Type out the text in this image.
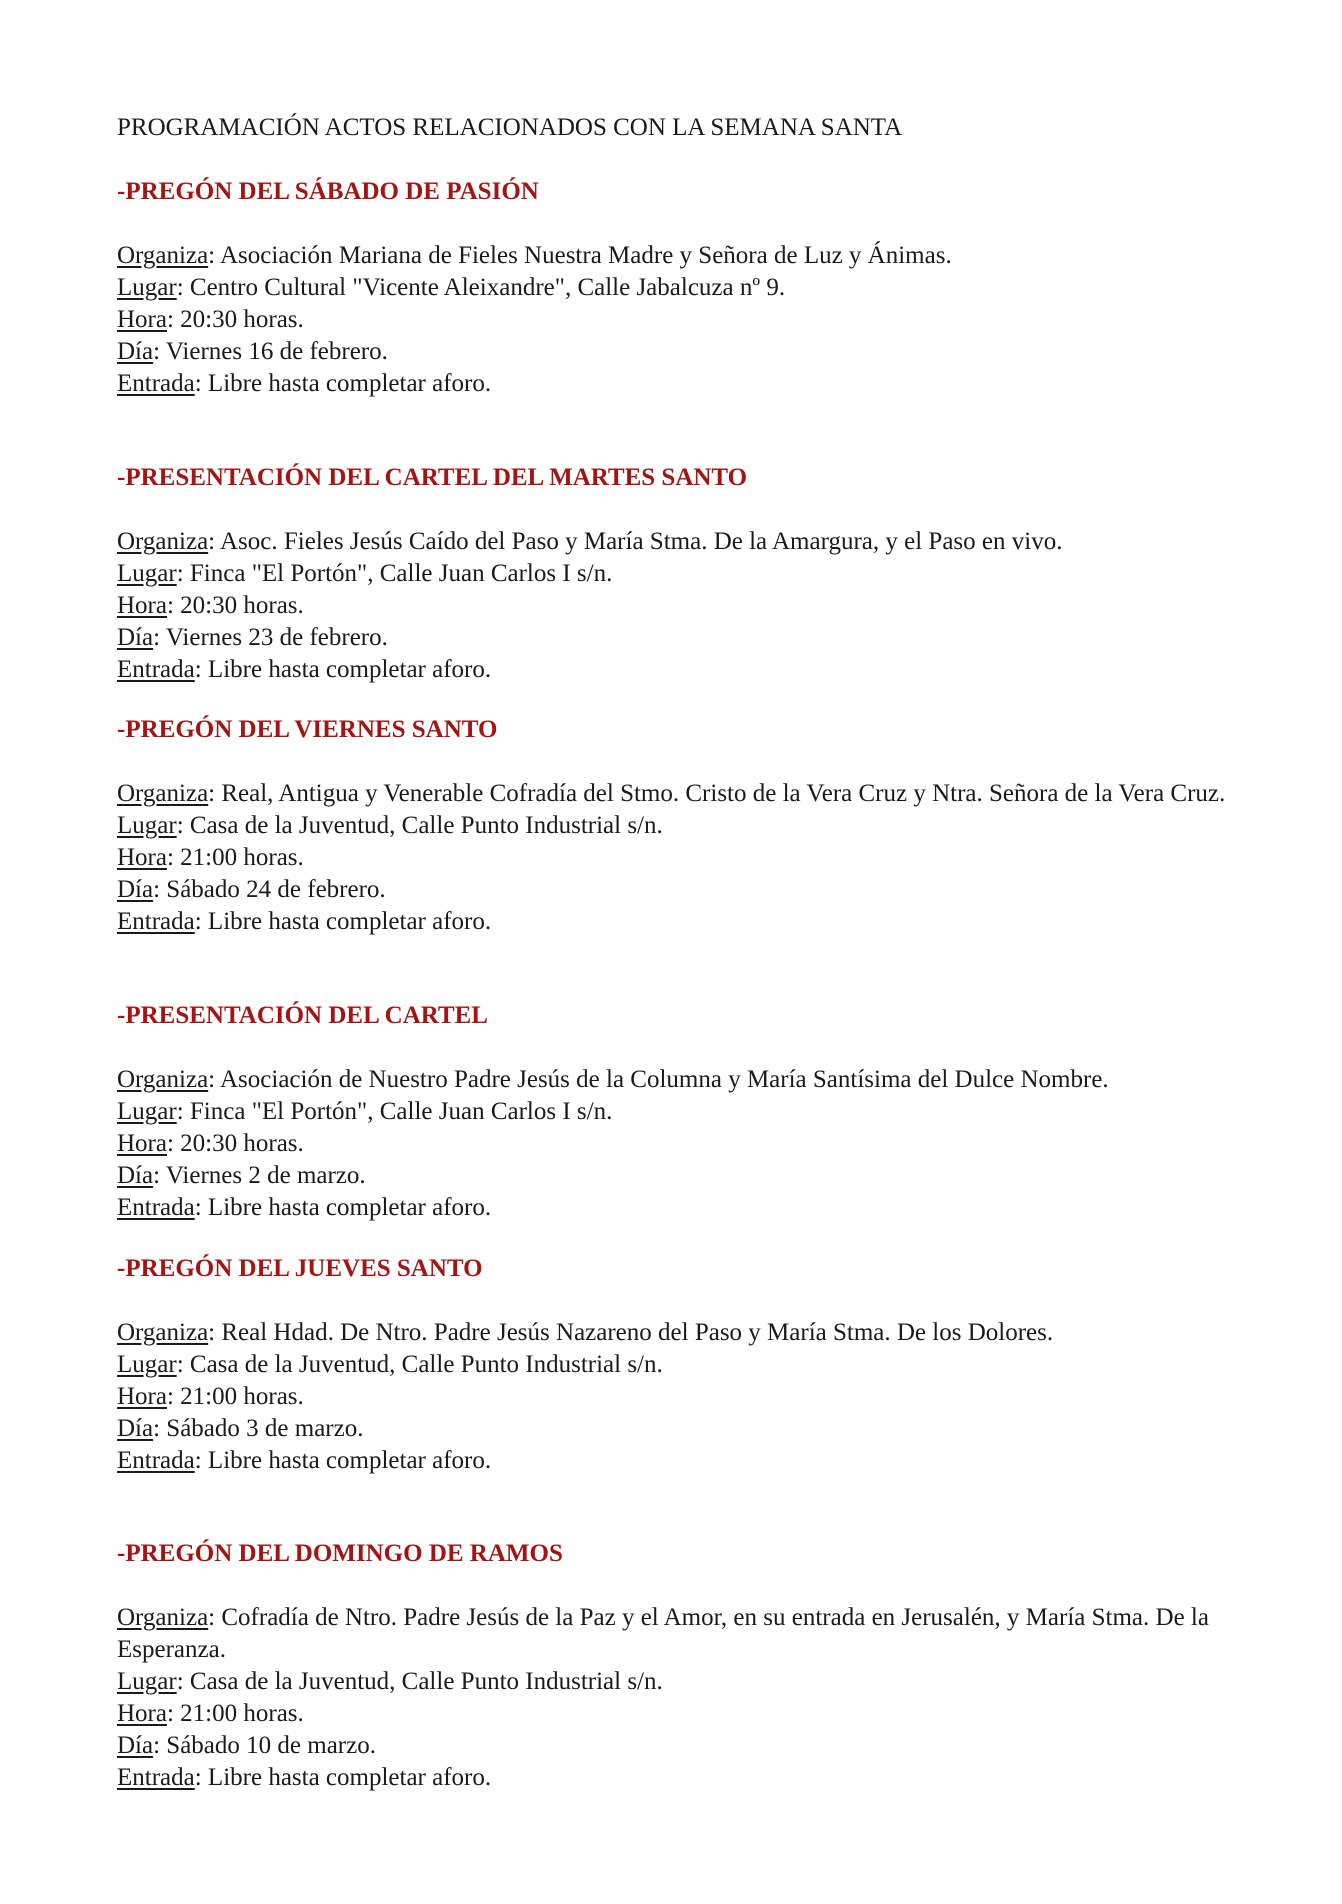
PROGRAMACIÓN ACTOS RELACIONADOS CON LA SEMANA SANTA
-PREGÓN DEL SÁBADO DE PASIÓN

Organiza: Asociación Mariana de Fieles Nuestra Madre y Señora de Luz y Ánimas.

Lugar: Centro Cultural "Vicente Aleixandre", Calle Jabalcuza nº 9.

Hora: 20:30 horas.

Día: Viernes 16 de febrero.

Entrada: Libre hasta completar aforo.

-PRESENTACIÓN DEL CARTEL DEL MARTES SANTO

Organiza: Asoc. Fieles Jesús Caído del Paso y María Stma. De la Amargura, y el Paso en vivo.

Lugar: Finca "El Portón", Calle Juan Carlos I s/n.

Hora: 20:30 horas.

Día: Viernes 23 de febrero.

Entrada: Libre hasta completar aforo.

-PREGÓN DEL VIERNES SANTO

Organiza: Real, Antigua y Venerable Cofradía del Stmo. Cristo de la Vera Cruz y Ntra. Señora de la Vera Cruz.

Lugar: Casa de la Juventud, Calle Punto Industrial s/n.

Hora: 21:00 horas.

Día: Sábado 24 de febrero.

Entrada: Libre hasta completar aforo.

-PRESENTACIÓN DEL CARTEL

Organiza: Asociación de Nuestro Padre Jesús de la Columna y María Santísima del Dulce Nombre.

Lugar: Finca "El Portón", Calle Juan Carlos I s/n.

Hora: 20:30 horas.

Día: Viernes 2 de marzo.

Entrada: Libre hasta completar aforo.

-PREGÓN DEL JUEVES SANTO

Organiza: Real Hdad. De Ntro. Padre Jesús Nazareno del Paso y María Stma. De los Dolores.

Lugar: Casa de la Juventud, Calle Punto Industrial s/n.

Hora: 21:00 horas.

Día: Sábado 3 de marzo.

Entrada: Libre hasta completar aforo.

-PREGÓN DEL DOMINGO DE RAMOS

Organiza: Cofradía de Ntro. Padre Jesús de la Paz y el Amor, en su entrada en Jerusalén, y María Stma. De la Esperanza.

Lugar: Casa de la Juventud, Calle Punto Industrial s/n.

Hora: 21:00 horas.

Día: Sábado 10 de marzo.

Entrada: Libre hasta completar aforo.
